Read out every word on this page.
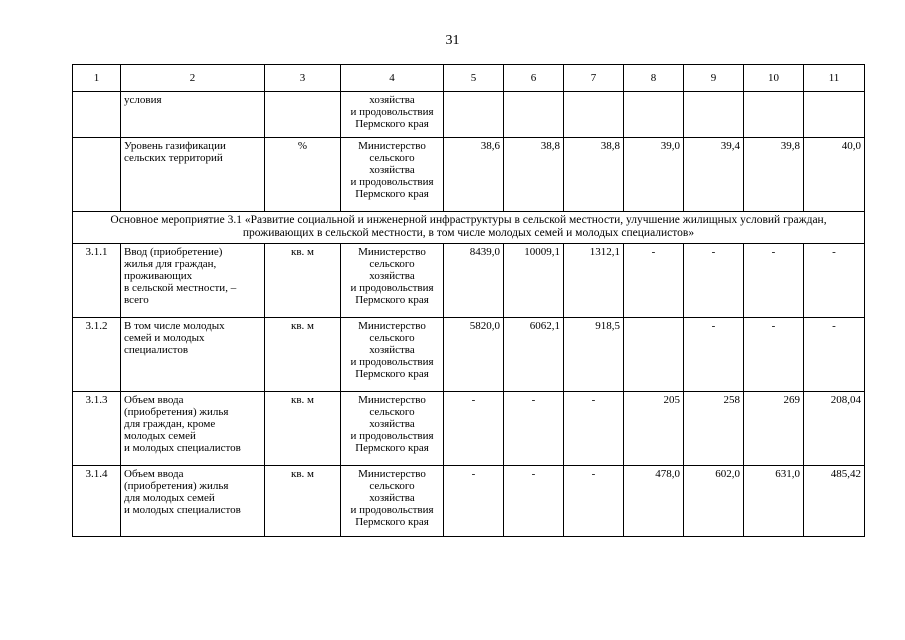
31
1	2	3	4	5	6	7	8	9	10	11
	условия		хозяйства
и продовольствия
Пермского края							
	Уровень газификации
сельских территорий	%	Министерство
сельского
хозяйства
и продовольствия
Пермского края	38,6	38,8	38,8	39,0	39,4	39,8	40,0
Основное мероприятие 3.1 «Развитие социальной и инженерной инфраструктуры в сельской местности, улучшение жилищных условий граждан, проживающих в сельской местности, в том числе молодых семей и молодых специалистов»										
3.1.1	Ввод (приобретение)
жилья для граждан,
проживающих
в сельской местности, –
всего	кв. м	Министерство
сельского
хозяйства
и продовольствия
Пермского края	8439,0	10009,1	1312,1	-	-	-	-
3.1.2	В том числе молодых
семей и молодых
специалистов	кв. м	Министерство
сельского
хозяйства
и продовольствия
Пермского края	5820,0	6062,1	918,5		-	-	-
3.1.3	Объем ввода
(приобретения) жилья
для граждан, кроме
молодых семей
и молодых специалистов	кв. м	Министерство
сельского
хозяйства
и продовольствия
Пермского края	-	-	-	205	258	269	208,04
3.1.4	Объем ввода
(приобретения) жилья
для молодых семей
и молодых специалистов	кв. м	Министерство
сельского
хозяйства
и продовольствия
Пермского края	-	-	-	478,0	602,0	631,0	485,42
